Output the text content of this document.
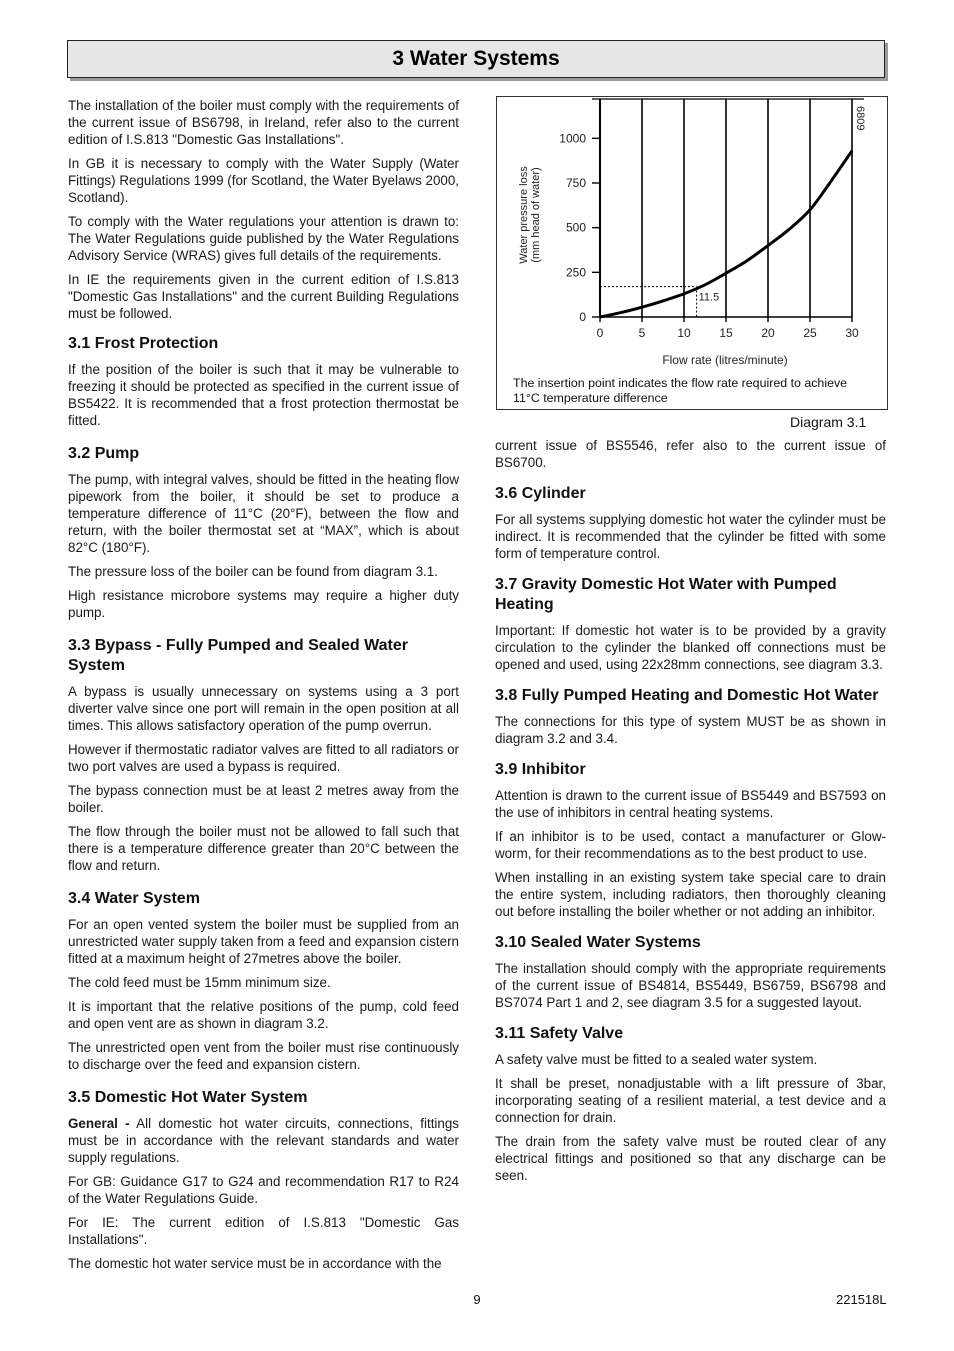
3 Water Systems

The installation of the boiler must comply with the requirements of the current issue of BS6798, in Ireland, refer also to the current edition of I.S.813 "Domestic Gas Installations".

In GB it is necessary to comply with the Water Supply (Water Fittings) Regulations 1999 (for Scotland, the Water Byelaws 2000, Scotland).

To comply with the Water regulations your attention is drawn to: The Water Regulations guide published by the Water Regulations Advisory Service (WRAS) gives full details of the requirements.

In IE the requirements given in the current edition of I.S.813 "Domestic Gas Installations" and the current Building Regulations must be followed.

3.1 Frost Protection

If the position of the boiler is such that it may be vulnerable to freezing it should be protected as specified in the current issue of BS5422. It is recommended that a frost protection thermostat be fitted.

3.2 Pump

The pump, with integral valves, should be fitted in the heating flow pipework from the boiler, it should be set to produce a temperature difference of 11°C (20°F), between the flow and return, with the boiler thermostat set at “MAX”, which is about 82°C (180°F).

The pressure loss of the boiler can be found from diagram 3.1.

High resistance microbore systems may require a higher duty pump.

3.3 Bypass - Fully Pumped and Sealed Water System

A bypass is usually unnecessary on systems using a 3 port diverter valve since one port will remain in the open position at all times. This allows satisfactory operation of the pump overrun.

However if thermostatic radiator valves are fitted to all radiators or two port valves are used a bypass is required.

The bypass connection must be at least 2 metres away from the boiler.

The flow through the boiler must not be allowed to fall such that there is a temperature difference greater than 20°C between the flow and return.

3.4 Water System

For an open vented system the boiler must be supplied from an unrestricted water supply taken from a feed and expansion cistern fitted at a maximum height of 27metres above the boiler.

The cold feed must be 15mm minimum size.

It is important that the relative positions of the pump, cold feed and open vent are as shown in diagram 3.2.

The unrestricted open vent from the boiler must rise continuously to discharge over the feed and expansion cistern.

3.5 Domestic Hot Water System

General - All domestic hot water circuits, connections, fittings must be in accordance with the relevant standards and water supply regulations.

For GB: Guidance G17 to G24 and recommendation R17 to R24 of the Water Regulations Guide.

For IE: The current edition of I.S.813 "Domestic Gas Installations".

The domestic hot water service must be in accordance with the

0	5	10 15 20 25 30
0
250
500
750
1000
11.5
Flow rate (litres/minute)
Water pressure loss (mm head of water)
6809
The insertion point indicates the flow rate required to achieve 11°C temperature difference
Diagram 3.1

current issue of BS5546, refer also to the current issue of BS6700.

3.6 Cylinder

For all systems supplying domestic hot water the cylinder must be indirect. It is recommended that the cylinder be fitted with some form of temperature control.

3.7 Gravity Domestic Hot Water with Pumped Heating

Important: If domestic hot water is to be provided by a gravity circulation to the cylinder the blanked off connections must be opened and used, using 22x28mm connections, see diagram 3.3.

3.8 Fully Pumped Heating and Domestic Hot Water

The connections for this type of system MUST be as shown in diagram 3.2 and 3.4.

3.9 Inhibitor

Attention is drawn to the current issue of BS5449 and BS7593 on the use of inhibitors in central heating systems.

If an inhibitor is to be used, contact a manufacturer or Glow-worm, for their recommendations as to the best product to use.

When installing in an existing system take special care to drain the entire system, including radiators, then thoroughly cleaning out before installing the boiler whether or not adding an inhibitor.

3.10 Sealed Water Systems

The installation should comply with the appropriate requirements of the current issue of BS4814, BS5449, BS6759, BS6798 and BS7074 Part 1 and 2, see diagram 3.5 for a suggested layout.

3.11 Safety Valve

A safety valve must be fitted to a sealed water system.

It shall be preset, nonadjustable with a lift pressure of 3bar, incorporating seating of a resilient material, a test device and a connection for drain.

The drain from the safety valve must be routed clear of any electrical fittings and positioned so that any discharge can be seen.

9	221518L
